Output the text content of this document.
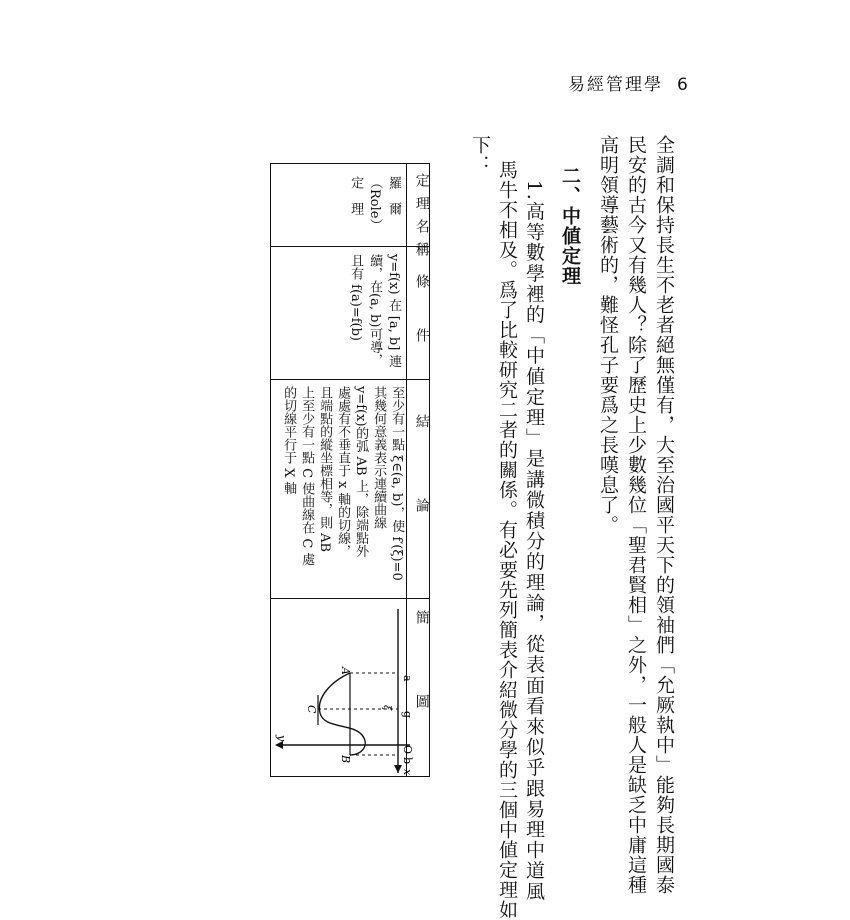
易經管理學 6
全調和保持長生不老者絕無僅有，大至治國平天下的領袖們「允厥執中」能夠長期國泰
民安的古今又有幾人？除了歷史上少數幾位「聖君賢相」之外，一般人是缺乏中庸這種
高明領導藝術的，難怪孔子要爲之長嘆息了。
二、中値定理
1.高等數學裡的「中値定理」是講微積分的理論，從表面看來似乎跟易理中道風
馬牛不相及。爲了比較研究二者的關係。有必要先列簡表介紹微分學的三個中値定理如
下：
定理名稱
條件
結論
簡圖
羅　爾
（Role）
定　理
y=f(x) 在 [a, b] 連
續，在(a, b)可導，
且有 f(a)=f(b)
至少有一點 ξ∈(a, b)，使 f′(ξ)=0
其幾何意義表示連續曲線
y=f(x)的弧 AB 上，除端點外
處處有不垂直于 x 軸的切線，
且端點的縱坐標相等，則 AB
上至少有一點 C 使曲線在 C 處
的切線平行于 X 軸
O
a
g
b
A
B
C
y
x
ξ
